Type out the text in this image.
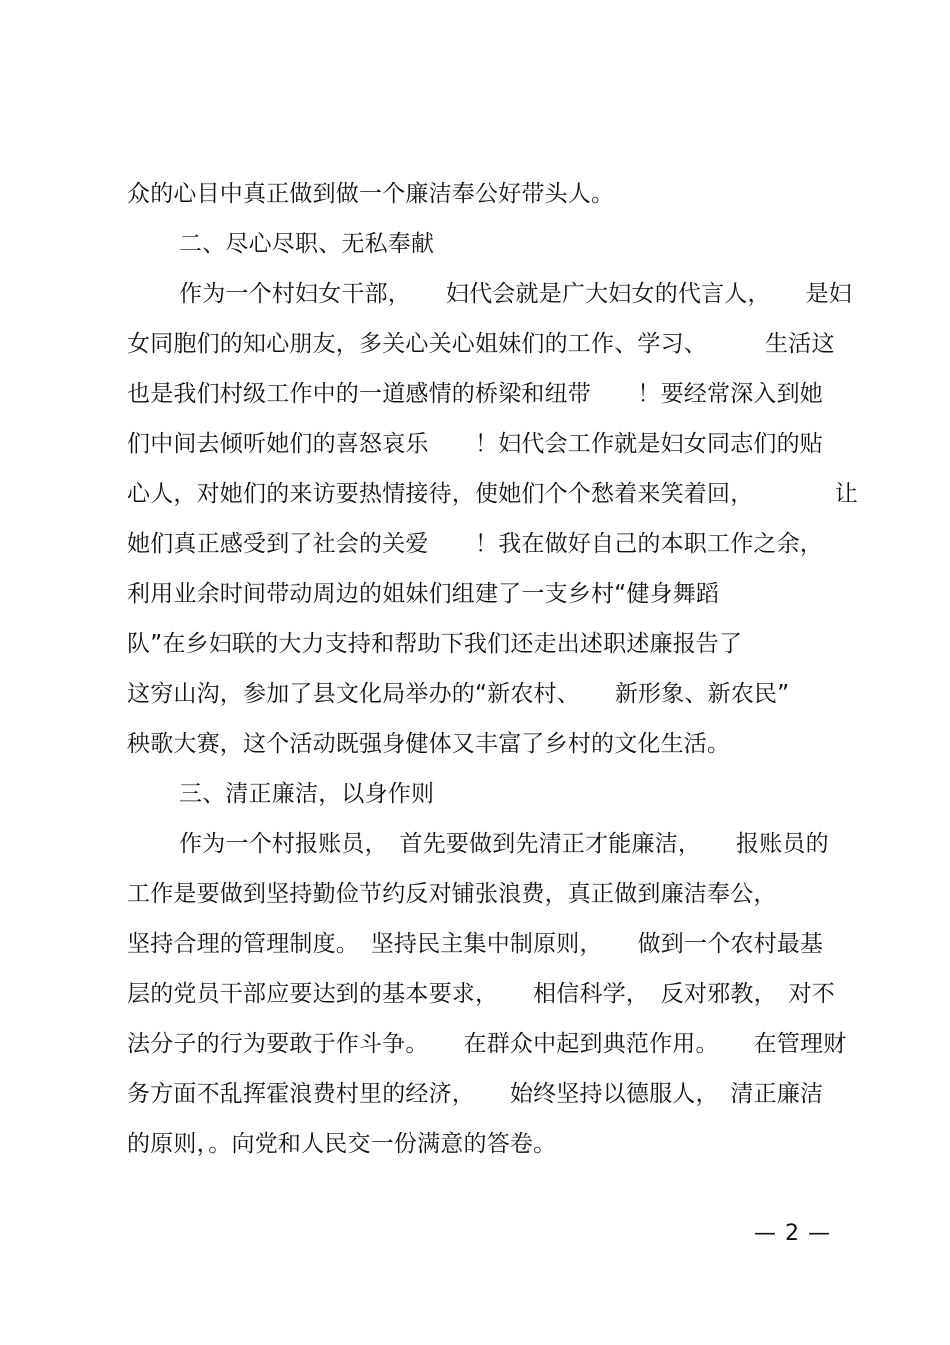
众的心目中真正做到做一个廉洁奉公好带头人。
二、尽心尽职、无私奉献
作为一个村妇女干部，　　妇代会就是广大妇女的代言人，　　是妇
女同胞们的知心朋友，多关心关心姐妹们的工作、学习、　　　生活这
也是我们村级工作中的一道感情的桥梁和纽带　　！要经常深入到她
们中间去倾听她们的喜怒哀乐　　！妇代会工作就是妇女同志们的贴
心人，对她们的来访要热情接待，使她们个个愁着来笑着回，　　　　让
她们真正感受到了社会的关爱　　！我在做好自己的本职工作之余，
利用业余时间带动周边的姐妹们组建了一支乡村“健身舞蹈
队”在乡妇联的大力支持和帮助下我们还走出述职述廉报告了
这穷山沟，参加了县文化局举办的“新农村、　　新形象、新农民”
秧歌大赛，这个活动既强身健体又丰富了乡村的文化生活。
三、清正廉洁，以身作则
作为一个村报账员，　首先要做到先清正才能廉洁，　　报账员的
工作是要做到坚持勤俭节约反对铺张浪费，真正做到廉洁奉公，
坚持合理的管理制度。　坚持民主集中制原则，　　做到一个农村最基
层的党员干部应要达到的基本要求，　　相信科学，　反对邪教，　对不
法分子的行为要敢于作斗争。　　在群众中起到典范作用。　　在管理财
务方面不乱挥霍浪费村里的经济，　　始终坚持以德服人，　清正廉洁
的原则，。向党和人民交一份满意的答卷。
— 2 —
